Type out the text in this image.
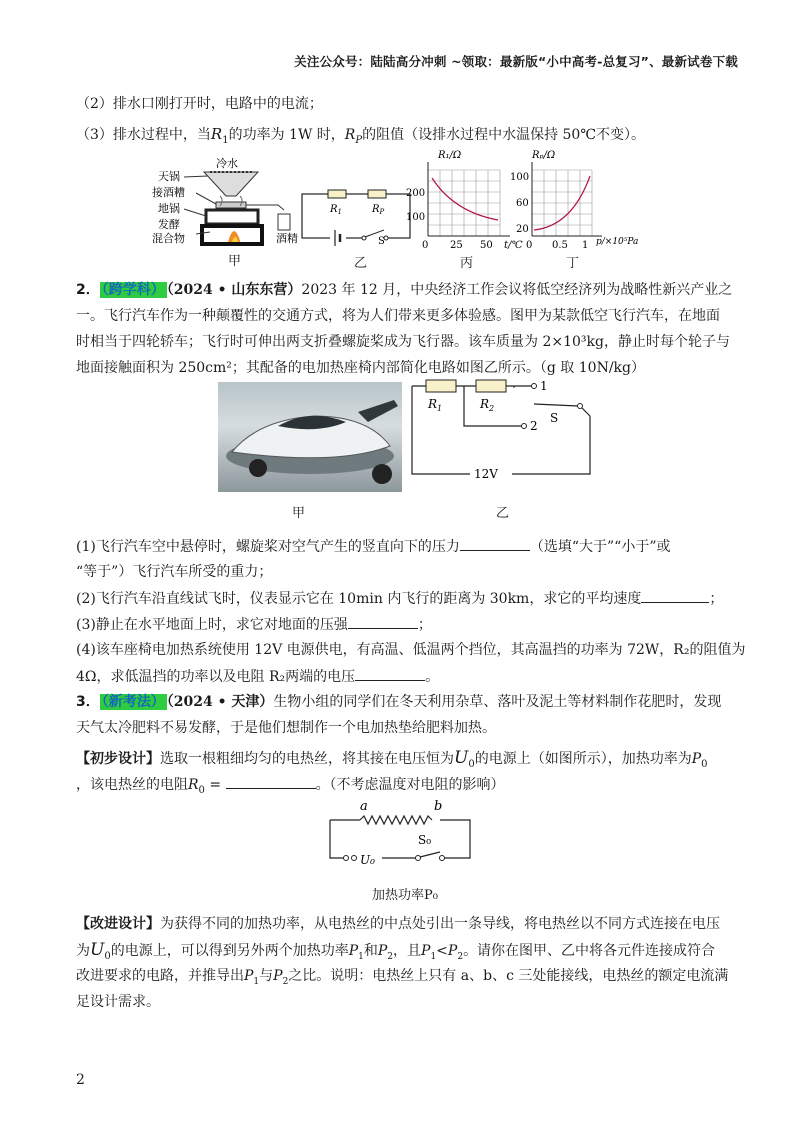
关注公众号：陆陆高分冲刺 ~领取：最新版“小中高考-总复习”、最新试卷下载
（2）排水口刚打开时，电路中的电流；
（3）排水过程中，当$R_1$的功率为 1W 时，$R_P$的阻值（设排水过程中水温保持 50℃不变）。
冷水
酒精
天锅
接酒糟
地锅
发酵
混合物
甲
$R_1$	$R_P$
S
乙
R₁/Ω
200
100
0 25 50 t/℃
丙
Rₚ/Ω
100
60
20
0 0.5 1 p/×10⁵Pa
丁
2． （跨学科） （2024 • 山东东营）2023 年 12 月，中央经济工作会议将低空经济列为战略性新兴产业之
一。飞行汽车作为一种颠覆性的交通方式，将为人们带来更多体验感。图甲为某款低空飞行汽车，在地面
时相当于四轮轿车；飞行时可伸出两支折叠螺旋桨成为飞行器。该车质量为 2×10³kg，静止时每个轮子与
地面接触面积为 250cm²；其配备的电加热座椅内部简化电路如图乙所示。（g 取 10N/kg）
甲
1
2
S
$R_1$	$R_2$
12V
乙
(1)飞行汽车空中悬停时，螺旋桨对空气产生的竖直向下的压力	（选填“大于”“小于”或
“等于”）飞行汽车所受的重力；
(2)飞行汽车沿直线试飞时，仪表显示它在 10min 内飞行的距离为 30km，求它的平均速度	；
(3)静止在水平地面上时，求它对地面的压强	；
(4)该车座椅电加热系统使用 12V 电源供电，有高温、低温两个挡位，其高温挡的功率为 72W，R₂的阻值为
4Ω，求低温挡的功率以及电阻 R₂两端的电压	。
3． （新考法） （2024 • 天津）生物小组的同学们在冬天利用杂草、落叶及泥土等材料制作花肥时，发现
天气太冷肥料不易发酵，于是他们想制作一个电加热垫给肥料加热。
【初步设计】选取一根粗细均匀的电热丝，将其接在电压恒为$U_0$的电源上（如图所示），加热功率为$P_0$
，该电热丝的电阻$R_0$ =	。（不考虑温度对电阻的影响）
a	b
U₀
S₀
加热功率P₀
【改进设计】为获得不同的加热功率，从电热丝的中点处引出一条导线，将电热丝以不同方式连接在电压
为$U_0$的电源上，可以得到另外两个加热功率$P_1$和$P_2$，且$P_1<P_2$。请你在图甲、乙中将各元件连接成符合
改进要求的电路，并推导出$P_1$与$P_2$之比。说明：电热丝上只有 a、b、c 三处能接线，电热丝的额定电流满
足设计需求。
2
